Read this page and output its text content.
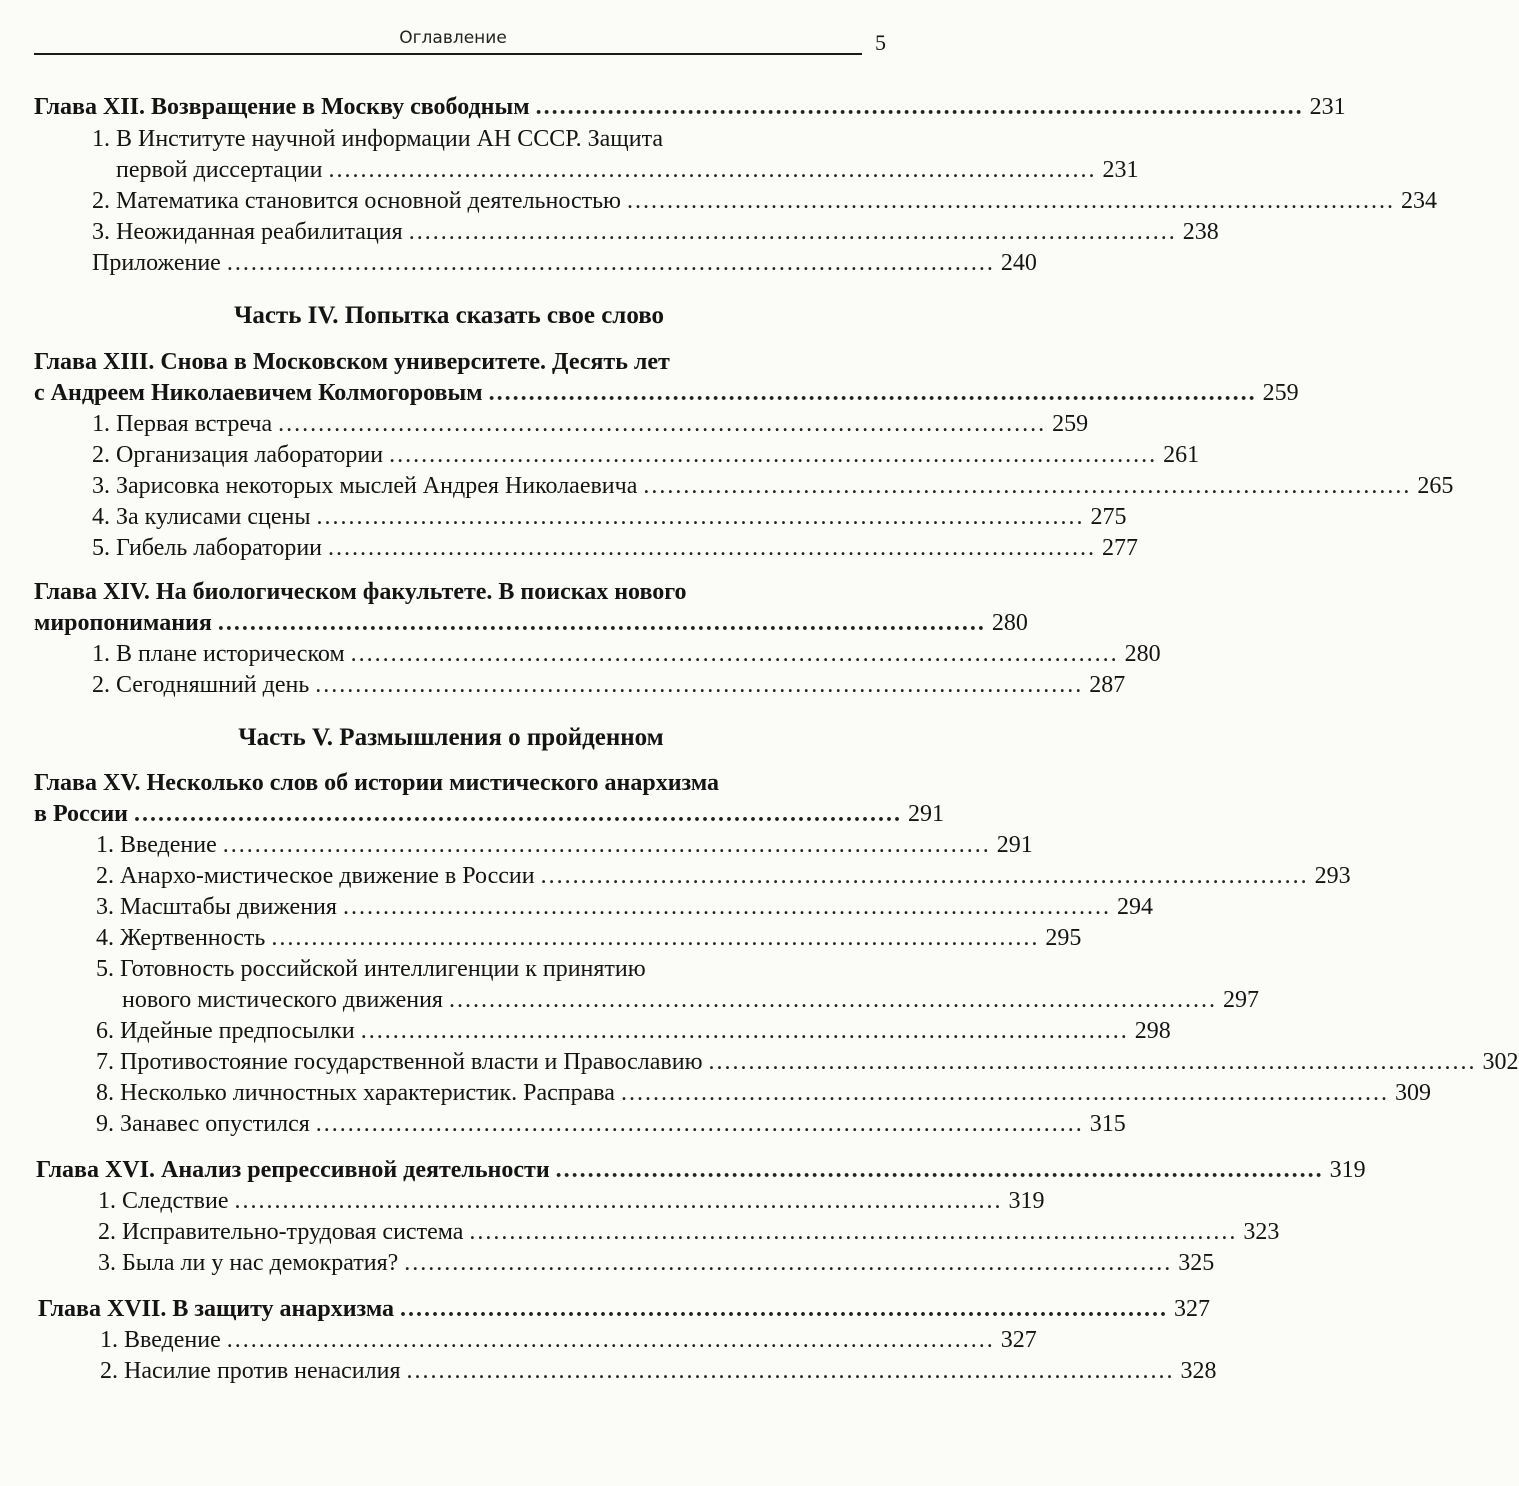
Оглавление	5
Глава XII. Возвращение в Москву свободным ................................................................................................ 231
1. В Институте научной информации АН СССР. Защита
первой диссертации ................................................................................................ 231
2. Математика становится основной деятельностью ................................................................................................ 234
3. Неожиданная реабилитация ................................................................................................ 238
Приложение ................................................................................................ 240
Часть IV. Попытка сказать свое слово
Глава XIII. Снова в Московском университете. Десять лет
с Андреем Николаевичем Колмогоровым ................................................................................................ 259
1. Первая встреча ................................................................................................ 259
2. Организация лаборатории ................................................................................................ 261
3. Зарисовка некоторых мыслей Андрея Николаевича ................................................................................................ 265
4. За кулисами сцены ................................................................................................ 275
5. Гибель лаборатории ................................................................................................ 277
Глава XIV. На биологическом факультете. В поисках нового
миропонимания ................................................................................................ 280
1. В плане историческом ................................................................................................ 280
2. Сегодняшний день ................................................................................................ 287
Часть V. Размышления о пройденном
Глава XV. Несколько слов об истории мистического анархизма
в России ................................................................................................ 291
1. Введение ................................................................................................ 291
2. Анархо-мистическое движение в России ................................................................................................ 293
3. Масштабы движения ................................................................................................ 294
4. Жертвенность ................................................................................................ 295
5. Готовность российской интеллигенции к принятию
нового мистического движения ................................................................................................ 297
6. Идейные предпосылки ................................................................................................ 298
7. Противостояние государственной власти и Православию ................................................................................................ 302
8. Несколько личностных характеристик. Расправа ................................................................................................ 309
9. Занавес опустился ................................................................................................ 315
Глава XVI. Анализ репрессивной деятельности ................................................................................................ 319
1. Следствие ................................................................................................ 319
2. Исправительно-трудовая система ................................................................................................ 323
3. Была ли у нас демократия? ................................................................................................ 325
Глава XVII. В защиту анархизма ................................................................................................ 327
1. Введение ................................................................................................ 327
2. Насилие против ненасилия ................................................................................................ 328
